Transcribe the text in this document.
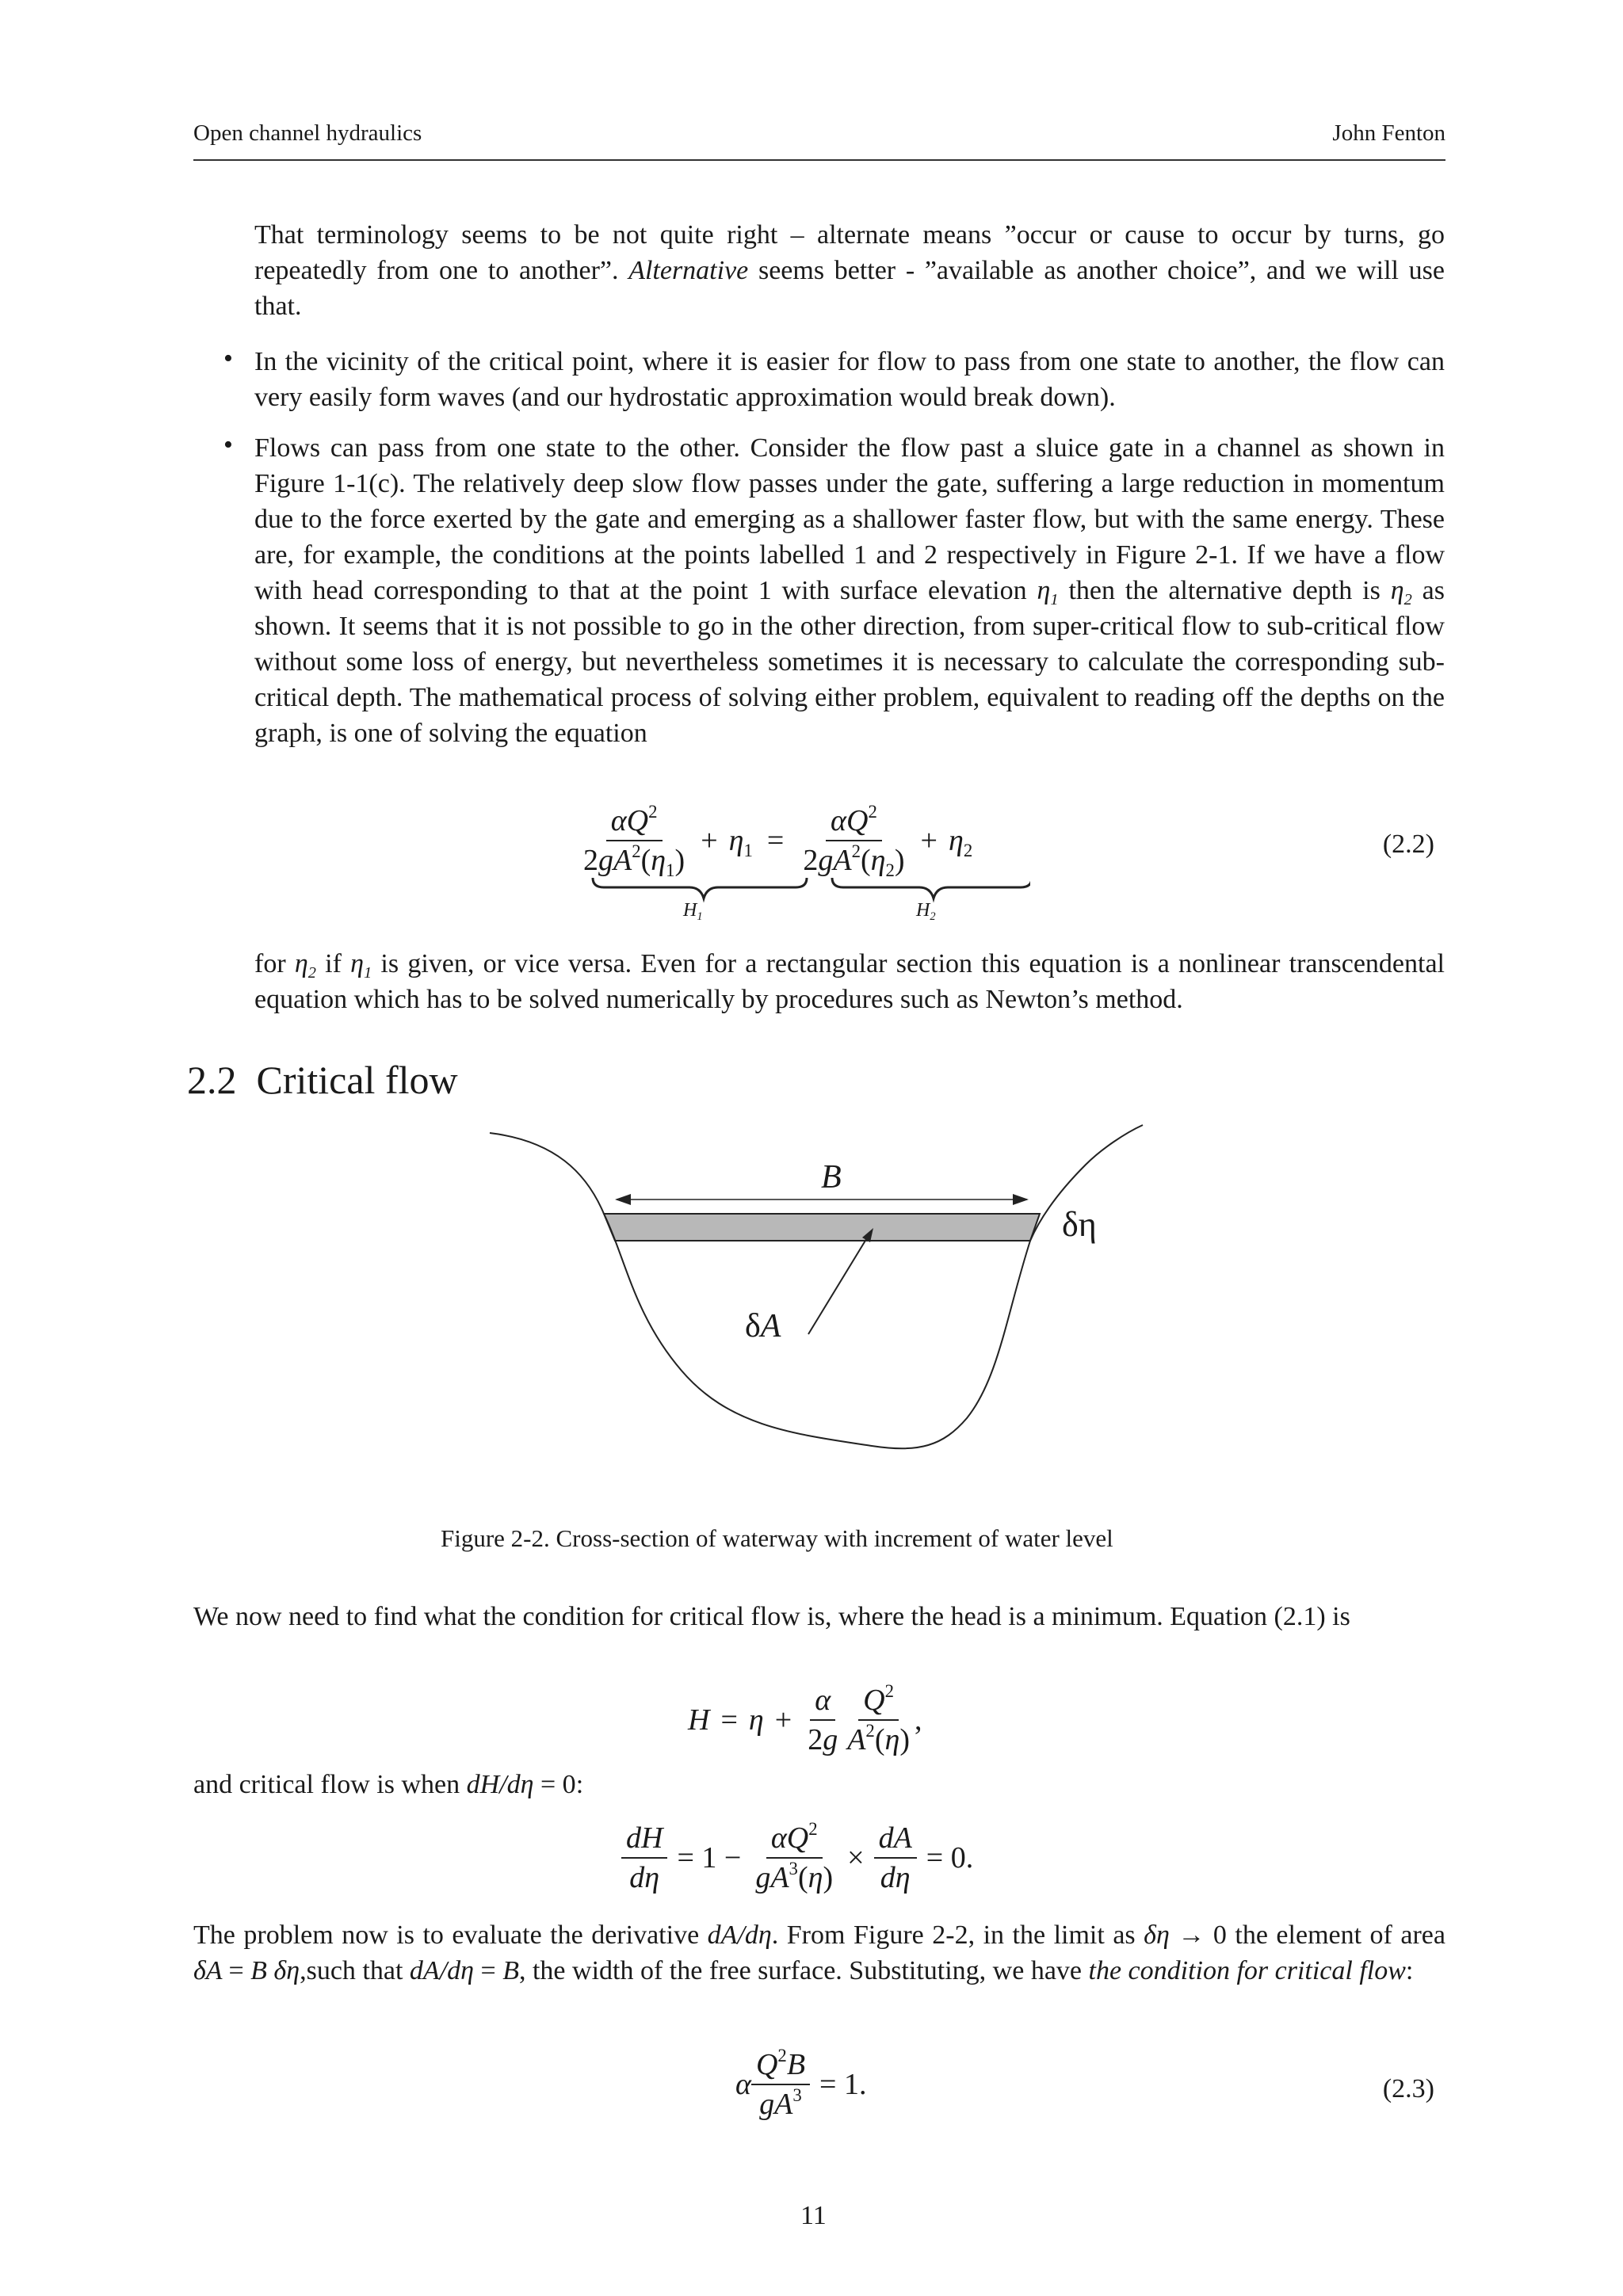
Open channel hydraulics	John Fenton
That terminology seems to be not quite right – alternate means ”occur or cause to occur by turns, go repeatedly from one to another”. Alternative seems better - ”available as another choice”, and we will use that.
• In the vicinity of the critical point, where it is easier for flow to pass from one state to another, the flow can very easily form waves (and our hydrostatic approximation would break down).
• Flows can pass from one state to the other. Consider the flow past a sluice gate in a channel as shown in Figure 1-1(c). The relatively deep slow flow passes under the gate, suffering a large reduction in momentum due to the force exerted by the gate and emerging as a shallower faster flow, but with the same energy. These are, for example, the conditions at the points labelled 1 and 2 respectively in Figure 2-1. If we have a flow with head corresponding to that at the point 1 with surface elevation $\eta_1$ then the alternative depth is $\eta_2$ as shown. It seems that it is not possible to go in the other direction, from super-critical flow to sub-critical flow without some loss of energy, but nevertheless sometimes it is necessary to calculate the corresponding sub-critical depth. The mathematical process of solving either problem, equivalent to reading off the depths on the graph, is one of solving the equation
$\frac{\alpha Q^2}{2gA^2(\eta_1)} + \eta_1 = \frac{\alpha Q^2}{2gA^2(\eta_2)} + \eta_2$
$H_1$	$H_2$
(2.2)
for $\eta_2$ if $\eta_1$ is given, or vice versa. Even for a rectangular section this equation is a nonlinear transcendental equation which has to be solved numerically by procedures such as Newton’s method.
2.2 Critical flow
B
δη
δA
Figure 2-2. Cross-section of waterway with increment of water level
We now need to find what the condition for critical flow is, where the head is a minimum. Equation (2.1) is
$H = \eta + \frac{\alpha}{2g} \frac{Q^2}{A^2(\eta)}$ ,
and critical flow is when dH/dη = 0:
$\frac{dH}{d\eta} = 1 - \frac{\alpha Q^2}{gA^3(\eta)} \times \frac{dA}{d\eta} = 0$.
The problem now is to evaluate the derivative dA/dη. From Figure 2-2, in the limit as δη → 0 the element of area δA = B δη,such that dA/dη = B, the width of the free surface. Substituting, we have the condition for critical flow:
α $\frac{Q^2B}{gA^3} = 1$.	(2.3)
11
